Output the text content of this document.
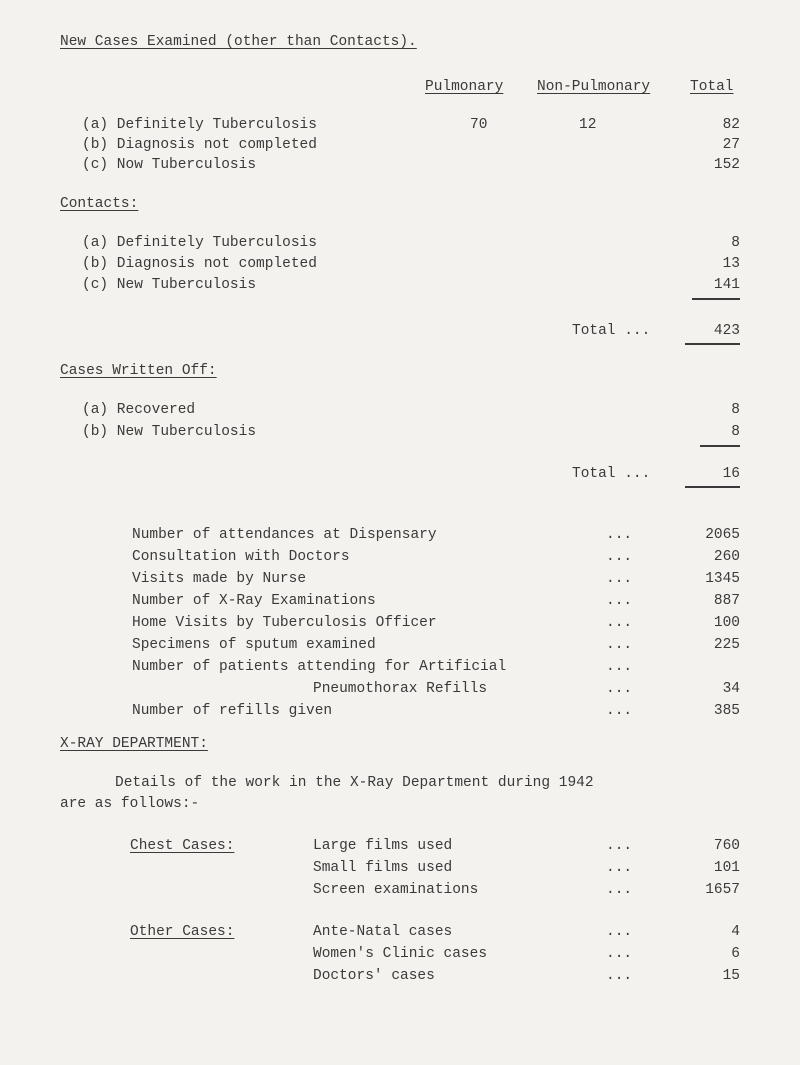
New Cases Examined (other than Contacts).
Pulmonary Non-Pulmonary	Total
(a) Definitely Tuberculosis	70	12	82
(b) Diagnosis not completed	27
(c) Now Tuberculosis	152
Contacts:
(a) Definitely Tuberculosis	8
(b) Diagnosis not completed	13
(c) New Tuberculosis	141
Total ...	423
Cases Written Off:
(a) Recovered	8
(b) New Tuberculosis	8
Total ...	16
Number of attendances at Dispensary	...	2065
Consultation with Doctors	...	260
Visits made by Nurse	...	1345
Number of X-Ray Examinations	...	887
Home Visits by Tuberculosis Officer	...	100
Specimens of sputum examined	...	225
Number of patients attending for Artificial	...
Pneumothorax Refills	...	34
Number of refills given	...	385
X-RAY DEPARTMENT:
Details of the work in the X-Ray Department during 1942
are as follows:-
Chest Cases:	Large films used	...	760
Small films used	...	101
Screen examinations	...	1657
Other Cases:	Ante-Natal cases	...	4
Women's Clinic cases	...	6
Doctors' cases	...	15
